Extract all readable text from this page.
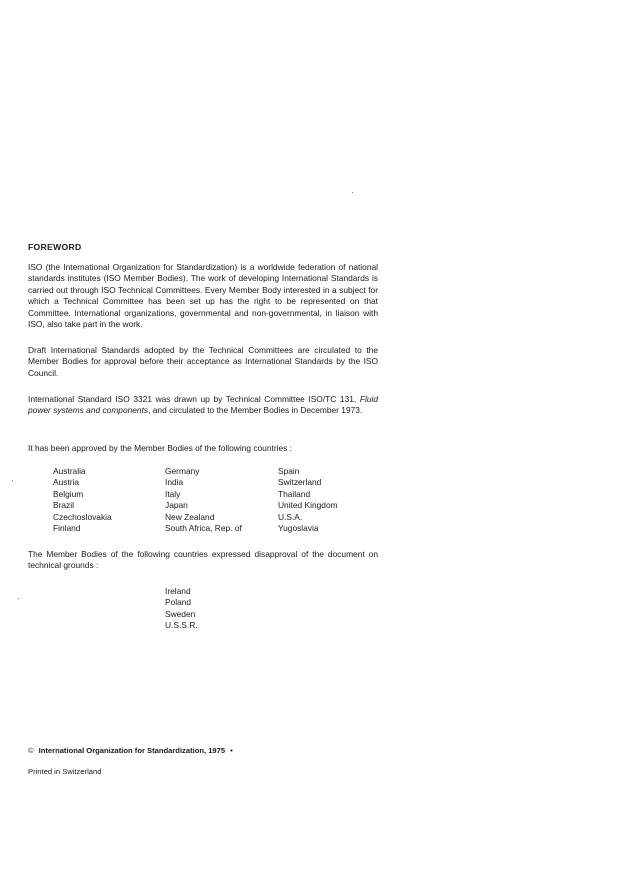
FOREWORD

ISO (the International Organization for Standardization) is a worldwide federation of national standards institutes (ISO Member Bodies). The work of developing International Standards is carried out through ISO Technical Committees. Every Member Body interested in a subject for which a Technical Committee has been set up has the right to be represented on that Committee. International organizations, governmental and non-governmental, in liaison with ISO, also take part in the work.

Draft International Standards adopted by the Technical Committees are circulated to the Member Bodies for approval before their acceptance as International Standards by the ISO Council.

International Standard ISO 3321 was drawn up by Technical Committee ISO/TC 131, Fluid power systems and components, and circulated to the Member Bodies in December 1973.

It has been approved by the Member Bodies of the following countries :

Australia
Austria
Belgium
Brazil
Czechoslovakia
Finland
Germany
India
Italy
Japan
New Zealand
South Africa, Rep. of
Spain
Switzerland
Thailand
United Kingdom
U.S.A.
Yugoslavia

The Member Bodies of the following countries expressed disapproval of the document on technical grounds :

Ireland
Poland
Sweden
U.S.S.R.
© International Organization for Standardization, 1975 •
Printed in Switzerland
